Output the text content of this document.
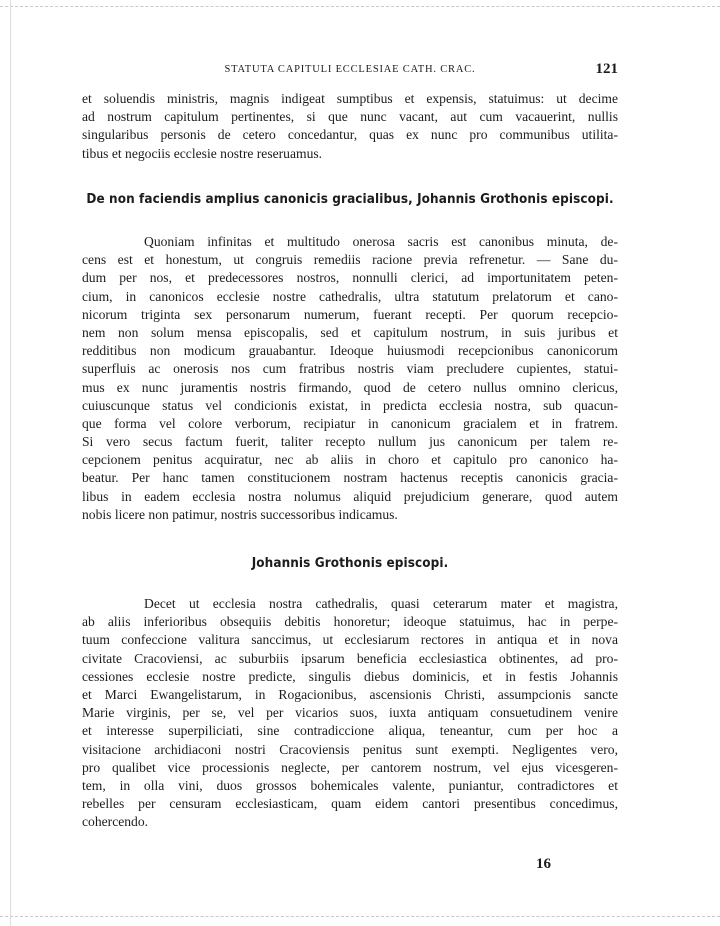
STATUTA CAPITULI ECCLESIAE CATH. CRAC.	121
et soluendis ministris, magnis indigeat sumptibus et expensis, statuimus: ut decime
ad nostrum capitulum pertinentes, si que nunc vacant, aut cum vacauerint, nullis
singularibus personis de cetero concedantur, quas ex nunc pro communibus utilita-
tibus et negociis ecclesie nostre reseruamus.
De non faciendis amplius canonicis gracialibus, Johannis Grothonis episcopi.
Quoniam infinitas et multitudo onerosa sacris est canonibus minuta, de-
cens est et honestum, ut congruis remediis racione previa refrenetur. — Sane du-
dum per nos, et predecessores nostros, nonnulli clerici, ad importunitatem peten-
cium, in canonicos ecclesie nostre cathedralis, ultra statutum prelatorum et cano-
nicorum triginta sex personarum numerum, fuerant recepti. Per quorum recepcio-
nem non solum mensa episcopalis, sed et capitulum nostrum, in suis juribus et
redditibus non modicum grauabantur. Ideoque huiusmodi recepcionibus canonicorum
superfluis ac onerosis nos cum fratribus nostris viam precludere cupientes, statui-
mus ex nunc juramentis nostris firmando, quod de cetero nullus omnino clericus,
cuiuscunque status vel condicionis existat, in predicta ecclesia nostra, sub quacun-
que forma vel colore verborum, recipiatur in canonicum gracialem et in fratrem.
Si vero secus factum fuerit, taliter recepto nullum jus canonicum per talem re-
cepcionem penitus acquiratur, nec ab aliis in choro et capitulo pro canonico ha-
beatur. Per hanc tamen constitucionem nostram hactenus receptis canonicis gracia-
libus in eadem ecclesia nostra nolumus aliquid prejudicium generare, quod autem
nobis licere non patimur, nostris successoribus indicamus.
Johannis Grothonis episcopi.
Decet ut ecclesia nostra cathedralis, quasi ceterarum mater et magistra,
ab aliis inferioribus obsequiis debitis honoretur; ideoque statuimus, hac in perpe-
tuum confeccione valitura sanccimus, ut ecclesiarum rectores in antiqua et in nova
civitate Cracoviensi, ac suburbiis ipsarum beneficia ecclesiastica obtinentes, ad pro-
cessiones ecclesie nostre predicte, singulis diebus dominicis, et in festis Johannis
et Marci Ewangelistarum, in Rogacionibus, ascensionis Christi, assumpcionis sancte
Marie virginis, per se, vel per vicarios suos, iuxta antiquam consuetudinem venire
et interesse superpiliciati, sine contradiccione aliqua, teneantur, cum per hoc a
visitacione archidiaconi nostri Cracoviensis penitus sunt exempti. Negligentes vero,
pro qualibet vice processionis neglecte, per cantorem nostrum, vel ejus vicesgeren-
tem, in olla vini, duos grossos bohemicales valente, puniantur, contradictores et
rebelles per censuram ecclesiasticam, quam eidem cantori presentibus concedimus,
cohercendo.
16
